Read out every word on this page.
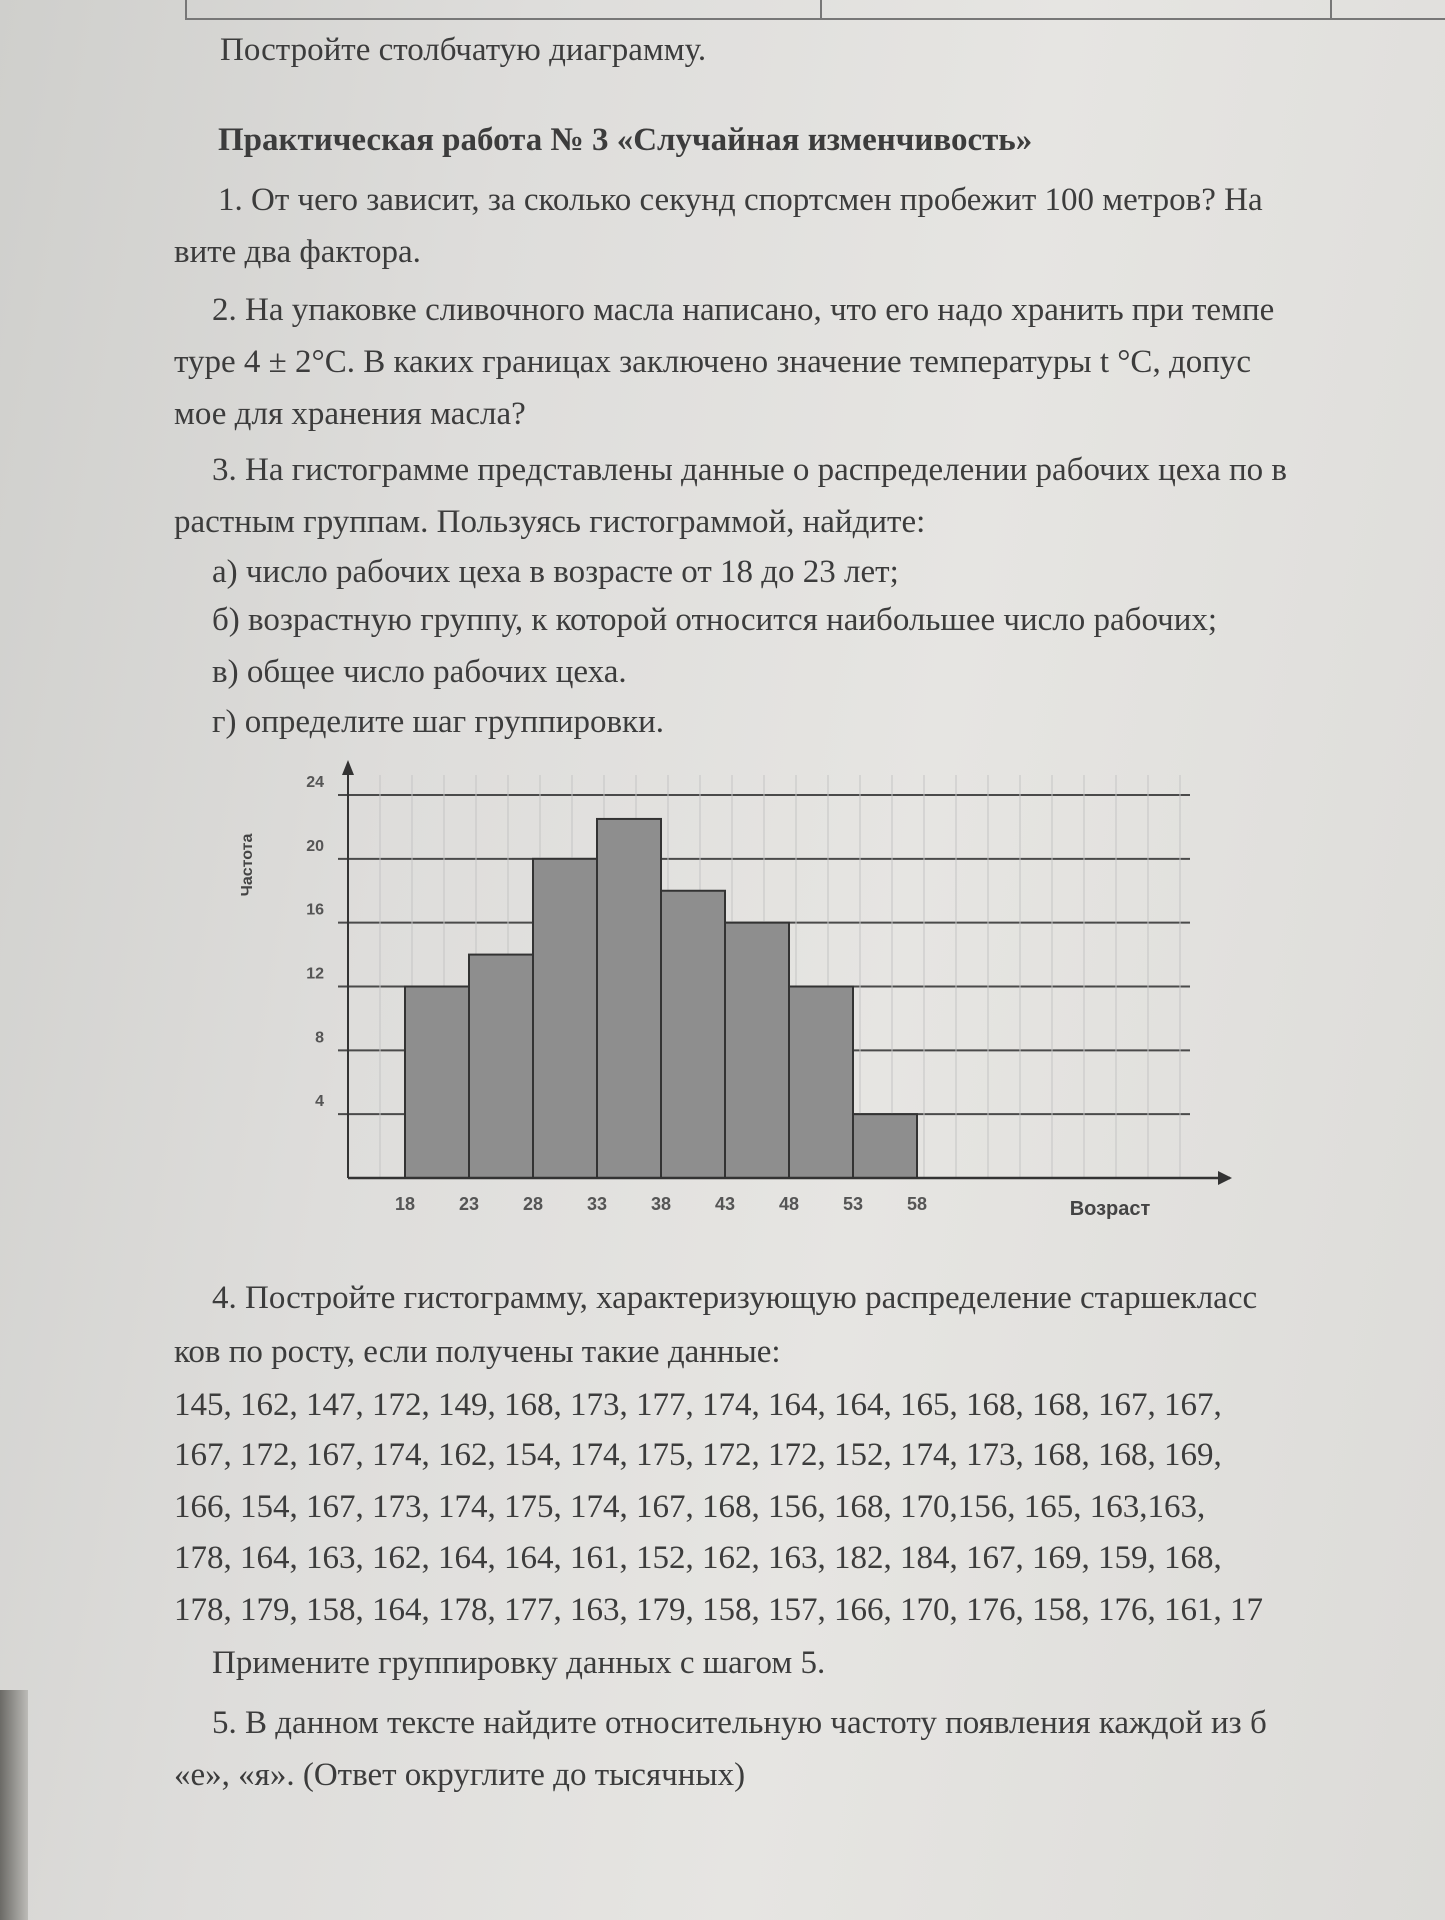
Постройте столбчатую диаграмму.
Практическая работа № 3 «Случайная изменчивость»
1. От чего зависит, за сколько секунд спортсмен пробежит 100 метров? На
вите два фактора.
2. На упаковке сливочного масла написано, что его надо хранить при темпе
туре 4 ± 2°С. В каких границах заключено значение температуры t °С, допус
мое для хранения масла?
3. На гистограмме представлены данные о распределении рабочих цеха по в
растным группам. Пользуясь гистограммой, найдите:
а) число рабочих цеха в возрасте от 18 до 23 лет;
б) возрастную группу, к которой относится наибольшее число рабочих;
в) общее число рабочих цеха.
г) определите шаг группировки.
4. Постройте гистограмму, характеризующую распределение старшекласс
ков по росту, если получены такие данные:
145, 162, 147, 172, 149, 168, 173, 177, 174, 164, 164, 165, 168, 168, 167, 167,
167, 172, 167, 174, 162, 154, 174, 175, 172, 172, 152, 174, 173, 168, 168, 169,
166, 154, 167, 173, 174, 175, 174, 167, 168, 156, 168, 170,156, 165, 163,163,
178, 164, 163, 162, 164, 164, 161, 152, 162, 163, 182, 184, 167, 169, 159, 168,
178, 179, 158, 164, 178, 177, 163, 179, 158, 157, 166, 170, 176, 158, 176, 161, 17
Примените группировку данных с шагом 5.
5. В данном тексте найдите относительную частоту появления каждой из б
«е», «я». (Ответ округлите до тысячных)
Частота
Возраст
4
8
12
16
20
24
18 23 28 33 38 43 48 53 58
